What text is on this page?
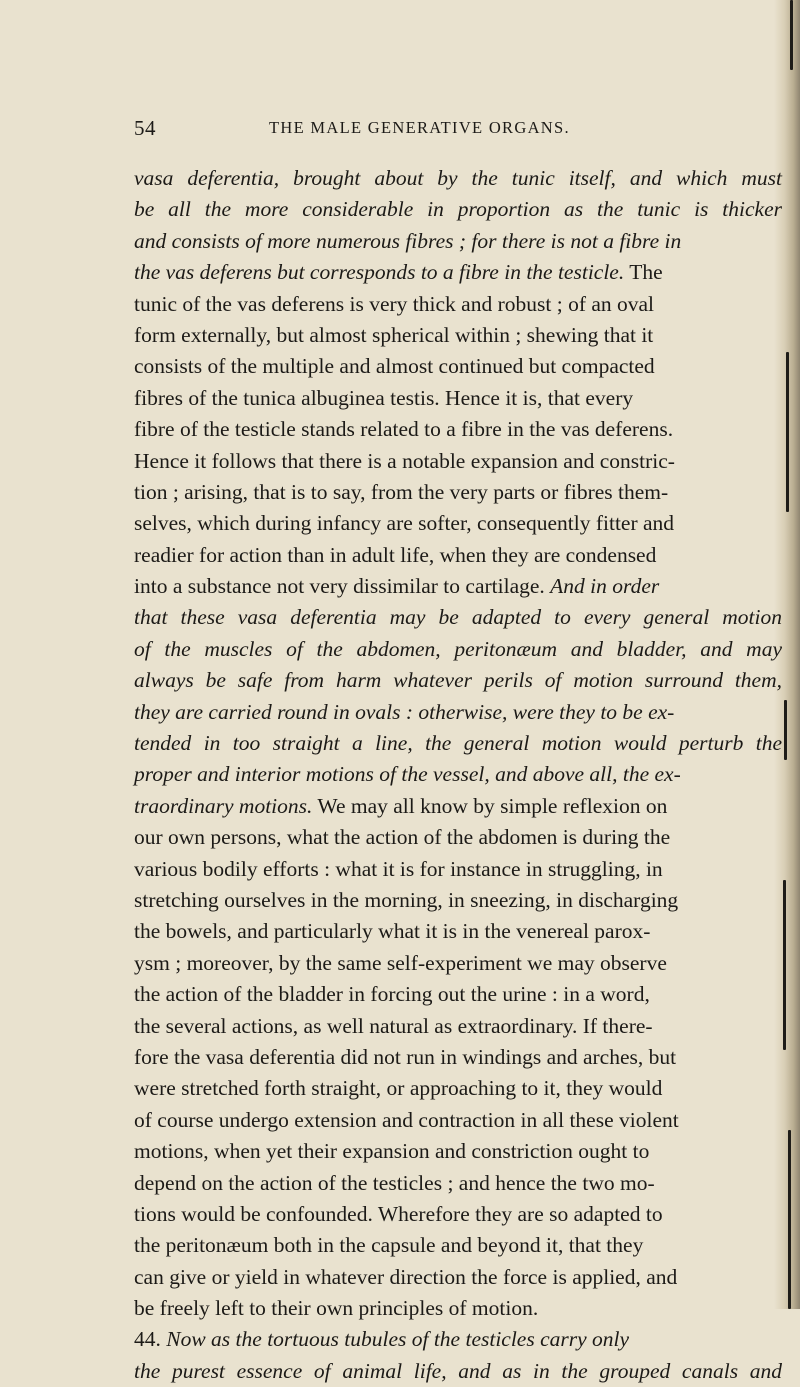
54	THE MALE GENERATIVE ORGANS.
vasa deferentia, brought about by the tunic itself, and which must
be all the more considerable in proportion as the tunic is thicker
and consists of more numerous fibres ; for there is not a fibre in
the vas deferens but corresponds to a fibre in the testicle. The
tunic of the vas deferens is very thick and robust ; of an oval
form externally, but almost spherical within ; shewing that it
consists of the multiple and almost continued but compacted
fibres of the tunica albuginea testis. Hence it is, that every
fibre of the testicle stands related to a fibre in the vas deferens.
Hence it follows that there is a notable expansion and constric-
tion ; arising, that is to say, from the very parts or fibres them-
selves, which during infancy are softer, consequently fitter and
readier for action than in adult life, when they are condensed
into a substance not very dissimilar to cartilage. And in order
that these vasa deferentia may be adapted to every general motion
of the muscles of the abdomen, peritonæum and bladder, and may
always be safe from harm whatever perils of motion surround them,
they are carried round in ovals : otherwise, were they to be ex-
tended in too straight a line, the general motion would perturb the
proper and interior motions of the vessel, and above all, the ex-
traordinary motions. We may all know by simple reflexion on
our own persons, what the action of the abdomen is during the
various bodily efforts : what it is for instance in struggling, in
stretching ourselves in the morning, in sneezing, in discharging
the bowels, and particularly what it is in the venereal parox-
ysm ; moreover, by the same self-experiment we may observe
the action of the bladder in forcing out the urine : in a word,
the several actions, as well natural as extraordinary. If there-
fore the vasa deferentia did not run in windings and arches, but
were stretched forth straight, or approaching to it, they would
of course undergo extension and contraction in all these violent
motions, when yet their expansion and constriction ought to
depend on the action of the testicles ; and hence the two mo-
tions would be confounded. Wherefore they are so adapted to
the peritonæum both in the capsule and beyond it, that they
can give or yield in whatever direction the force is applied, and
be freely left to their own principles of motion.
44. Now as the tortuous tubules of the testicles carry only
the purest essence of animal life, and as in the grouped canals and
